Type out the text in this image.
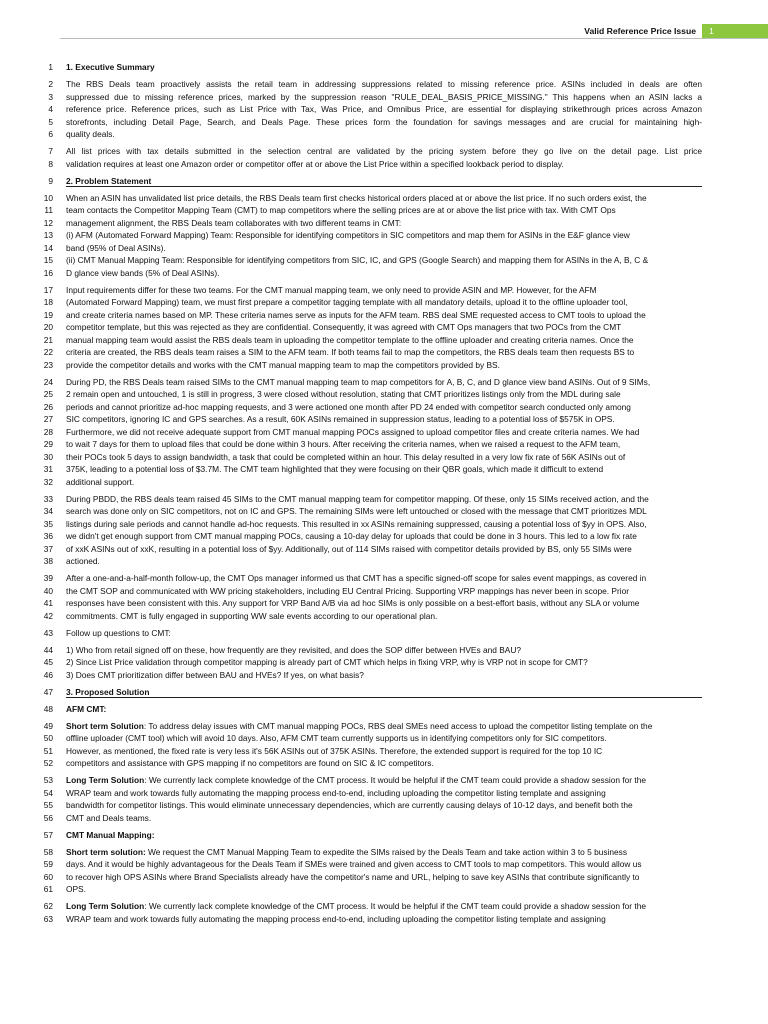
Valid Reference Price Issue	1
1 1. Executive Summary
2 The RBS Deals team proactively assists the retail team in addressing suppressions related to missing reference price. ASINs included in deals are often
3 suppressed due to missing reference prices, marked by the suppression reason "RULE_DEAL_BASIS_PRICE_MISSING." This happens when an ASIN lacks a
4 reference price. Reference prices, such as List Price with Tax, Was Price, and Omnibus Price, are essential for displaying strikethrough prices across Amazon
5 storefronts, including Detail Page, Search, and Deals Page. These prices form the foundation for savings messages and are crucial for maintaining high-
6 quality deals.
7 All list prices with tax details submitted in the selection central are validated by the pricing system before they go live on the detail page. List price
8 validation requires at least one Amazon order or competitor offer at or above the List Price within a specified lookback period to display.
9 2. Problem Statement
10 When an ASIN has unvalidated list price details, the RBS Deals team first checks historical orders placed at or above the list price. If no such orders exist, the
11 team contacts the Competitor Mapping Team (CMT) to map competitors where the selling prices are at or above the list price with tax. With CMT Ops
12 management alignment, the RBS Deals team collaborates with two different teams in CMT:
13 (i) AFM (Automated Forward Mapping) Team: Responsible for identifying competitors in SIC competitors and map them for ASINs in the E&F glance view
14 band (95% of Deal ASINs).
15 (ii) CMT Manual Mapping Team: Responsible for identifying competitors from SIC, IC, and GPS (Google Search) and mapping them for ASINs in the A, B, C &
16 D glance view bands (5% of Deal ASINs).
17 Input requirements differ for these two teams. For the CMT manual mapping team, we only need to provide ASIN and MP. However, for the AFM
18 (Automated Forward Mapping) team, we must first prepare a competitor tagging template with all mandatory details, upload it to the offline uploader tool,
19 and create criteria names based on MP. These criteria names serve as inputs for the AFM team. RBS deal SME requested access to CMT tools to upload the
20 competitor template, but this was rejected as they are confidential. Consequently, it was agreed with CMT Ops managers that two POCs from the CMT
21 manual mapping team would assist the RBS deals team in uploading the competitor template to the offline uploader and creating criteria names. Once the
22 criteria are created, the RBS deals team raises a SIM to the AFM team. If both teams fail to map the competitors, the RBS deals team then requests BS to
23 provide the competitor details and works with the CMT manual mapping team to map the competitors provided by BS.
24 During PD, the RBS Deals team raised SIMs to the CMT manual mapping team to map competitors for A, B, C, and D glance view band ASINs. Out of 9 SIMs,
25 2 remain open and untouched, 1 is still in progress, 3 were closed without resolution, stating that CMT prioritizes listings only from the MDL during sale
26 periods and cannot prioritize ad-hoc mapping requests, and 3 were actioned one month after PD 24 ended with competitor search conducted only among
27 SIC competitors, ignoring IC and GPS searches. As a result, 60K ASINs remained in suppression status, leading to a potential loss of $575K in OPS.
28 Furthermore, we did not receive adequate support from CMT manual mapping POCs assigned to upload competitor files and create criteria names. We had
29 to wait 7 days for them to upload files that could be done within 3 hours. After receiving the criteria names, when we raised a request to the AFM team,
30 their POCs took 5 days to assign bandwidth, a task that could be completed within an hour. This delay resulted in a very low fix rate of 56K ASINs out of
31 375K, leading to a potential loss of $3.7M. The CMT team highlighted that they were focusing on their QBR goals, which made it difficult to extend
32 additional support.
33 During PBDD, the RBS deals team raised 45 SIMs to the CMT manual mapping team for competitor mapping. Of these, only 15 SIMs received action, and the
34 search was done only on SIC competitors, not on IC and GPS. The remaining SIMs were left untouched or closed with the message that CMT prioritizes MDL
35 listings during sale periods and cannot handle ad-hoc requests. This resulted in xx ASINs remaining suppressed, causing a potential loss of $yy in OPS. Also,
36 we didn't get enough support from CMT manual mapping POCs, causing a 10-day delay for uploads that could be done in 3 hours. This led to a low fix rate
37 of xxK ASINs out of xxK, resulting in a potential loss of $yy. Additionally, out of 114 SIMs raised with competitor details provided by BS, only 55 SIMs were
38 actioned.
39 After a one-and-a-half-month follow-up, the CMT Ops manager informed us that CMT has a specific signed-off scope for sales event mappings, as covered in
40 the CMT SOP and communicated with WW pricing stakeholders, including EU Central Pricing. Supporting VRP mappings has never been in scope. Prior
41 responses have been consistent with this. Any support for VRP Band A/B via ad hoc SIMs is only possible on a best-effort basis, without any SLA or volume
42 commitments. CMT is fully engaged in supporting WW sale events according to our operational plan.
43 Follow up questions to CMT:
44 1) Who from retail signed off on these, how frequently are they revisited, and does the SOP differ between HVEs and BAU?
45 2) Since List Price validation through competitor mapping is already part of CMT which helps in fixing VRP, why is VRP not in scope for CMT?
46 3) Does CMT prioritization differ between BAU and HVEs? If yes, on what basis?
47 3. Proposed Solution
48 AFM CMT:
49 Short term Solution: To address delay issues with CMT manual mapping POCs, RBS deal SMEs need access to upload the competitor listing template on the
50 offline uploader (CMT tool) which will avoid 10 days. Also, AFM CMT team currently supports us in identifying competitors only for SIC competitors.
51 However, as mentioned, the fixed rate is very less it's 56K ASINs out of 375K ASINs. Therefore, the extended support is required for the top 10 IC
52 competitors and assistance with GPS mapping if no competitors are found on SIC & IC competitors.
53 Long Term Solution: We currently lack complete knowledge of the CMT process. It would be helpful if the CMT team could provide a shadow session for the
54 WRAP team and work towards fully automating the mapping process end-to-end, including uploading the competitor listing template and assigning
55 bandwidth for competitor listings. This would eliminate unnecessary dependencies, which are currently causing delays of 10-12 days, and benefit both the
56 CMT and Deals teams.
57 CMT Manual Mapping:
58 Short term solution: We request the CMT Manual Mapping Team to expedite the SIMs raised by the Deals Team and take action within 3 to 5 business
59 days. And it would be highly advantageous for the Deals Team if SMEs were trained and given access to CMT tools to map competitors. This would allow us
60 to recover high OPS ASINs where Brand Specialists already have the competitor's name and URL, helping to save key ASINs that contribute significantly to
61 OPS.
62 Long Term Solution: We currently lack complete knowledge of the CMT process. It would be helpful if the CMT team could provide a shadow session for the
63 WRAP team and work towards fully automating the mapping process end-to-end, including uploading the competitor listing template and assigning
